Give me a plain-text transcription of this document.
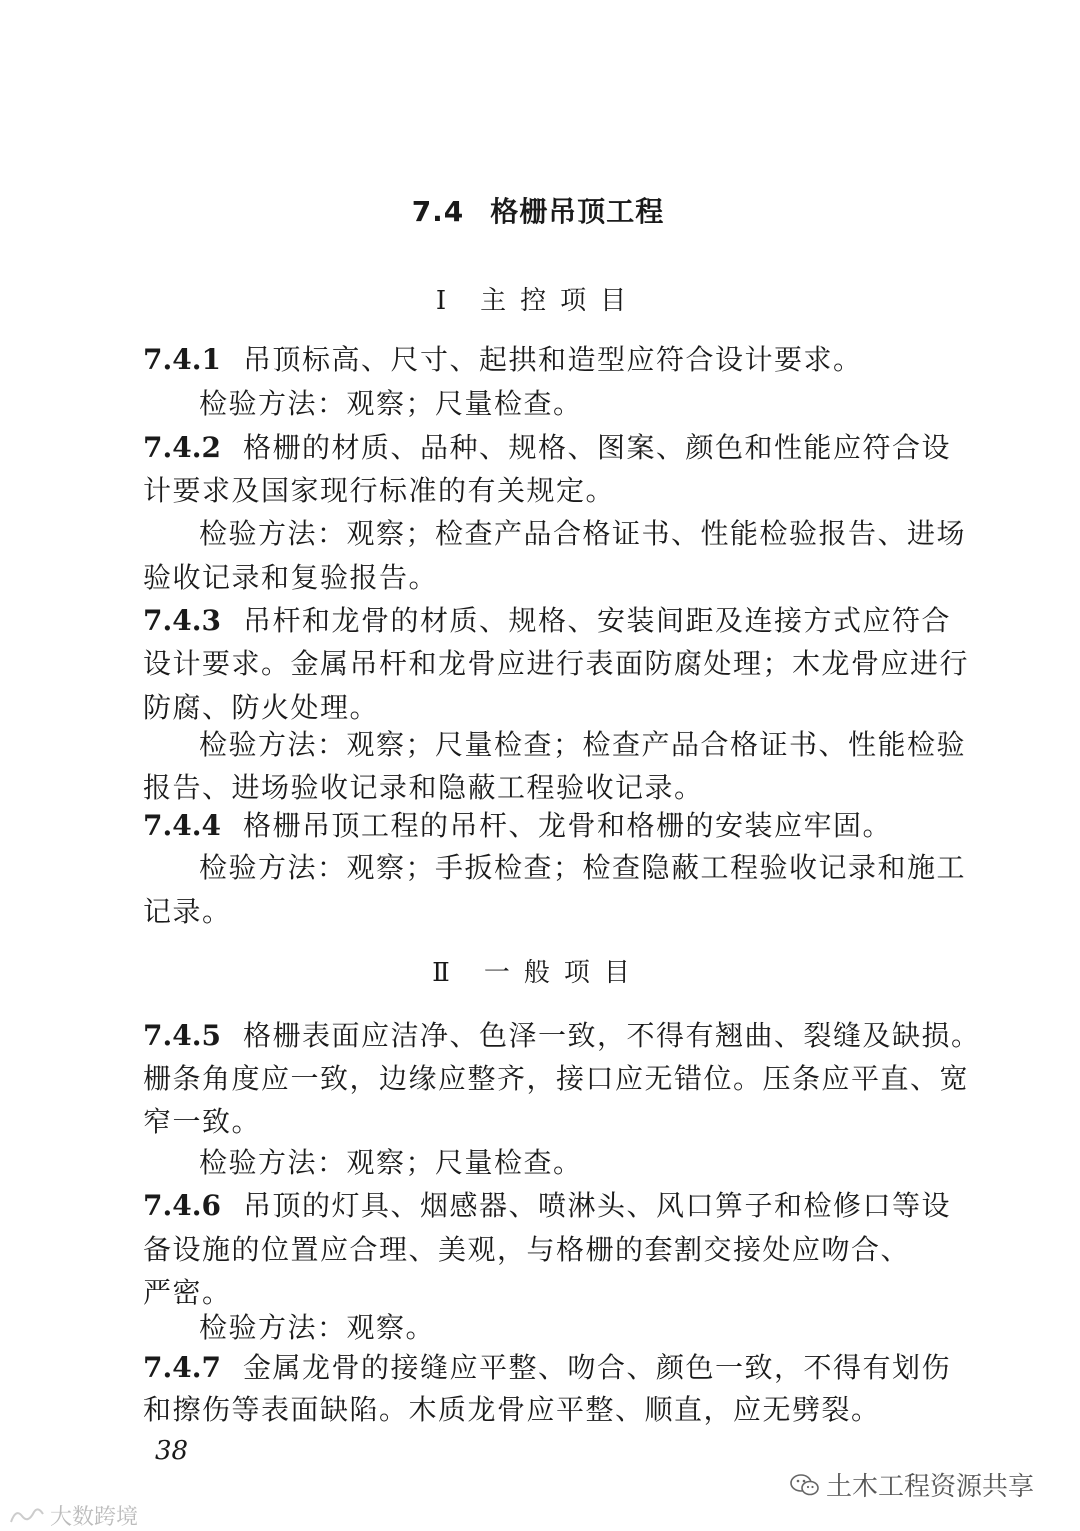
7.4 格栅吊顶工程
Ⅰ 主控项目
Ⅱ 一般项目
7.4.1 吊顶标高、尺寸、起拱和造型应符合设计要求。
检验方法：观察；尺量检查。
7.4.2 格栅的材质、品种、规格、图案、颜色和性能应符合设
计要求及国家现行标准的有关规定。
检验方法：观察；检查产品合格证书、性能检验报告、进场
验收记录和复验报告。
7.4.3 吊杆和龙骨的材质、规格、安装间距及连接方式应符合
设计要求。金属吊杆和龙骨应进行表面防腐处理；木龙骨应进行
防腐、防火处理。
检验方法：观察；尺量检查；检查产品合格证书、性能检验
报告、进场验收记录和隐蔽工程验收记录。
7.4.4 格栅吊顶工程的吊杆、龙骨和格栅的安装应牢固。
检验方法：观察；手扳检查；检查隐蔽工程验收记录和施工
记录。
7.4.5 格栅表面应洁净、色泽一致，不得有翘曲、裂缝及缺损。
栅条角度应一致，边缘应整齐，接口应无错位。压条应平直、宽
窄一致。
检验方法：观察；尺量检查。
7.4.6 吊顶的灯具、烟感器、喷淋头、风口箅子和检修口等设
备设施的位置应合理、美观，与格栅的套割交接处应吻合、
严密。
检验方法：观察。
7.4.7 金属龙骨的接缝应平整、吻合、颜色一致，不得有划伤
和擦伤等表面缺陷。木质龙骨应平整、顺直，应无劈裂。
38
土木工程资源共享
大数跨境
